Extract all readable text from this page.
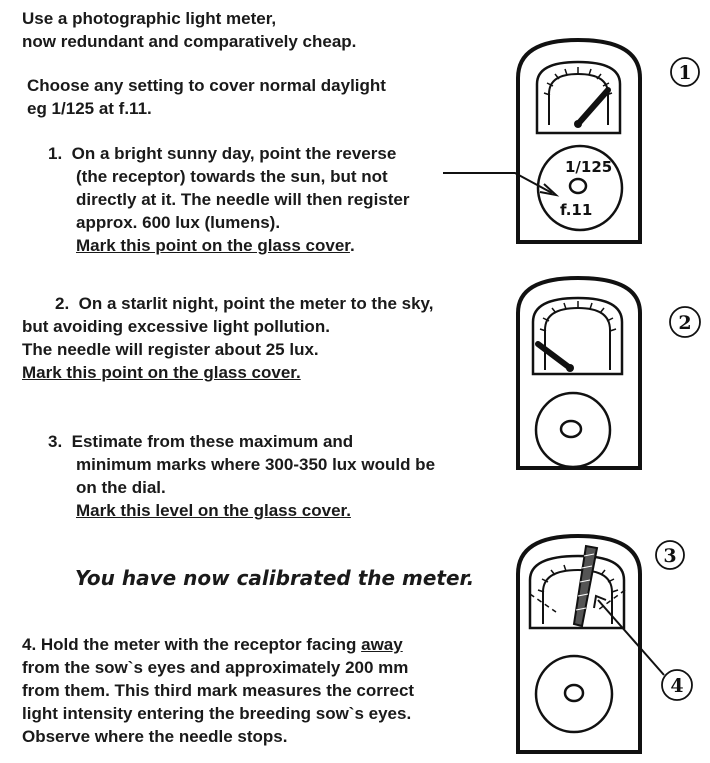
Use a photographic light meter,
now redundant and comparatively cheap.
Choose any setting to cover normal daylight
eg 1/125 at f.11.
1. On a bright sunny day, point the reverse
(the receptor) towards the sun, but not
directly at it. The needle will then register
approx. 600 lux (lumens).
Mark this point on the glass cover.
2. On a starlit night, point the meter to the sky,
but avoiding excessive light pollution.
The needle will register about 25 lux.
Mark this point on the glass cover.
3. Estimate from these maximum and
minimum marks where 300-350 lux would be
on the dial.
Mark this level on the glass cover.
You have now calibrated the meter.
4. Hold the meter with the receptor facing away
from the sow`s eyes and approximately 200 mm
from them. This third mark measures the correct
light intensity entering the breeding sow`s eyes.
Observe where the needle stops.
1/125
f.11
1
2
3
4
